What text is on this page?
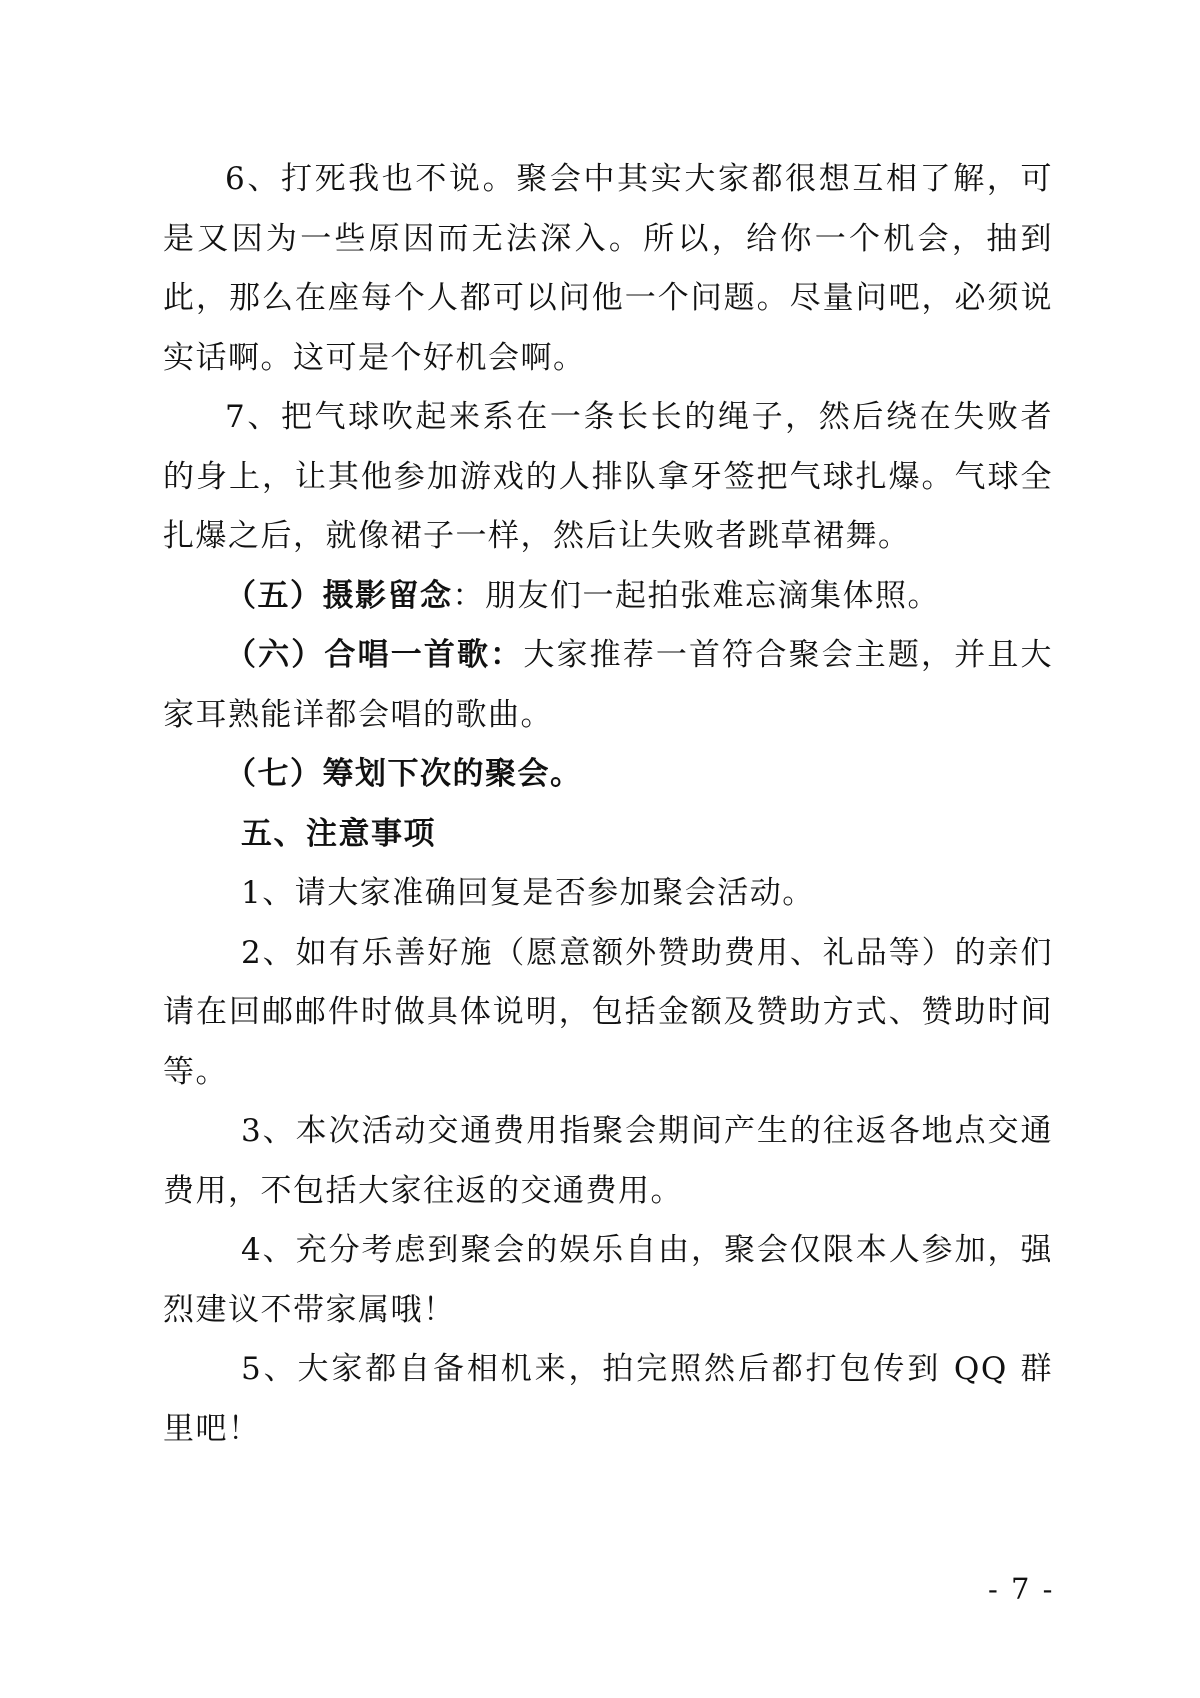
6、打死我也不说。聚会中其实大家都很想互相了解，可是又因为一些原因而无法深入。所以，给你一个机会，抽到此，那么在座每个人都可以问他一个问题。尽量问吧，必须说实话啊。这可是个好机会啊。

7、把气球吹起来系在一条长长的绳子，然后绕在失败者的身上，让其他参加游戏的人排队拿牙签把气球扎爆。气球全扎爆之后，就像裙子一样，然后让失败者跳草裙舞。

（五）摄影留念：朋友们一起拍张难忘滴集体照。

（六）合唱一首歌：大家推荐一首符合聚会主题，并且大家耳熟能详都会唱的歌曲。

（七）筹划下次的聚会。

五、注意事项

1、请大家准确回复是否参加聚会活动。

2、如有乐善好施（愿意额外赞助费用、礼品等）的亲们请在回邮邮件时做具体说明，包括金额及赞助方式、赞助时间等。

3、本次活动交通费用指聚会期间产生的往返各地点交通费用，不包括大家往返的交通费用。

4、充分考虑到聚会的娱乐自由，聚会仅限本人参加，强烈建议不带家属哦！

5、大家都自备相机来，拍完照然后都打包传到 QQ 群里吧！

- 7 -
